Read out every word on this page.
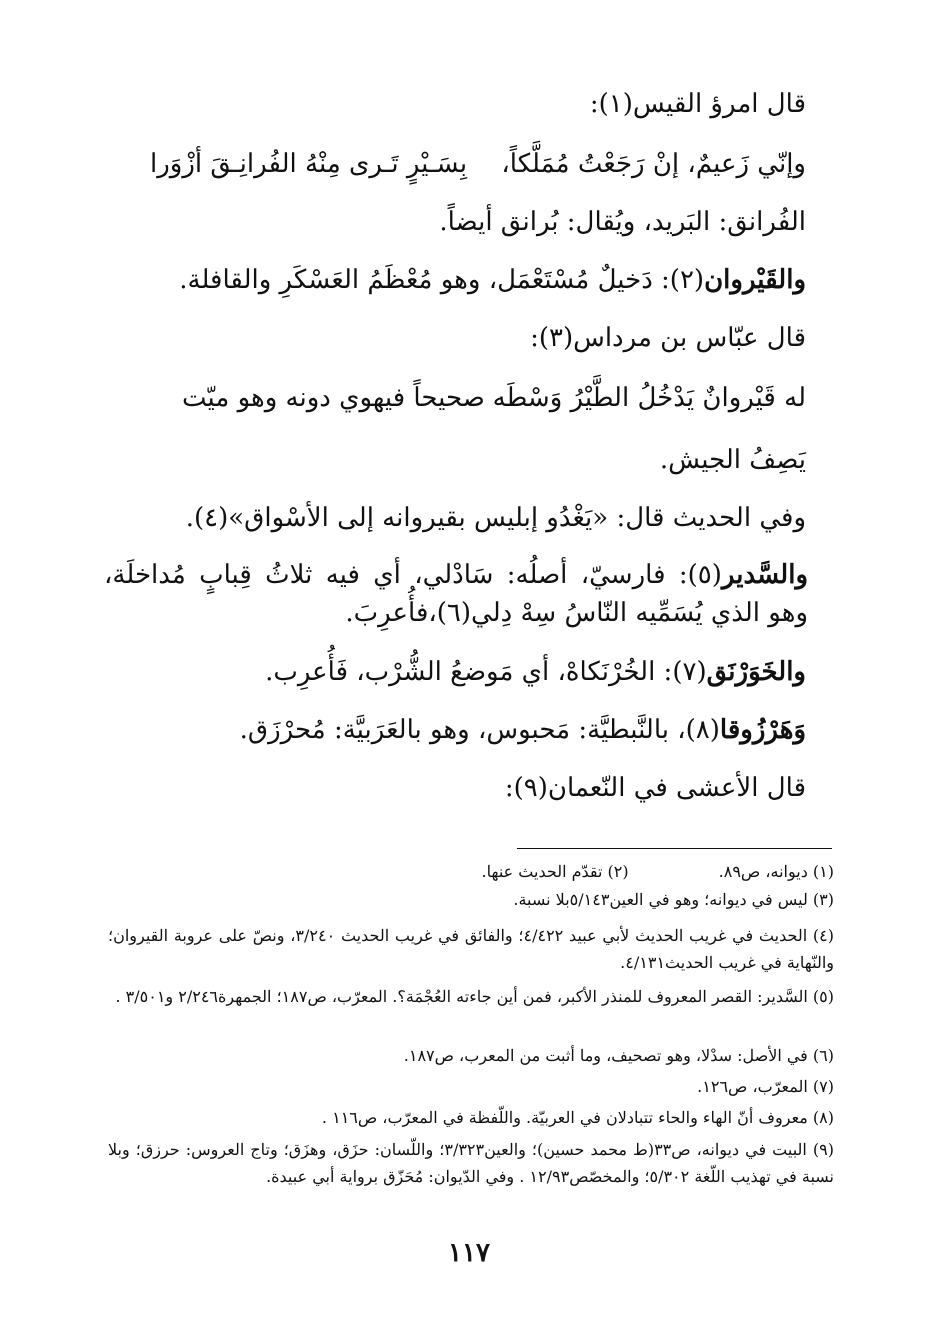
قال امرؤ القيس(١):
وإنّي زَعيمٌ، إنْ رَجَعْتُ مُمَلَّكاً،
بِسَـيْرٍ تَـرى مِنْهُ الفُرانِـقَ أزْوَرا
الفُرانق: البَريد، ويُقال: بُرانق أيضاً.
والقَيْروان(٢): دَخيلٌ مُسْتَعْمَل، وهو مُعْظَمُ العَسْكَرِ والقافلة.
قال عبّاس بن مرداس(٣):
له قَيْروانٌ يَدْخُلُ الطَّيْرُ وَسْطَه
صحيحاً فيهوي دونه وهو ميّت
يَصِفُ الجيش.
وفي الحديث قال: «يَغْدُو إبليس بقيروانه إلى الأسْواق»(٤).
والسَّدير(٥): فارسيّ، أصلُه: سَادْلي، أي فيه ثلاثُ قِبابٍ مُداخلَة، وهو الذي يُسَمِّيه النّاسُ سِهْ دِلي(٦)،فأُعرِبَ.
والخَوَرْنَق(٧): الخُرْنَكاهْ، أي مَوضعُ الشُّرْب، فَأُعرِب.
وَهَرْزُوقا(٨)، بالنَّبطيَّة: مَحبوس، وهو بالعَرَبيَّة: مُحرْزَق.
قال الأعشى في النّعمان(٩):
(١) ديوانه، ص٨٩.(٢) تقدّم الحديث عنها.
(٣) ليس في ديوانه؛ وهو في العين٥/١٤٣بلا نسبة.
(٤) الحديث في غريب الحديث لأبي عبيد ٤/٤٢٢؛ والفائق في غريب الحديث ٣/٢٤٠، ونصّ على عروبة القيروان؛ والنّهاية في غريب الحديث٤/١٣١.
(٥) السَّدير: القصر المعروف للمنذر الأكبر، فمن أين جاءته العُجْمَة؟. المعرّب، ص١٨٧؛ الجمهرة٢/٢٤٦ و٣/٥٠١ .
(٦) في الأصل: سدْلا، وهو تصحيف، وما أثبت من المعرب، ص١٨٧.
(٧) المعرّب، ص١٢٦.
(٨) معروف أنّ الهاء والحاء تتبادلان في العربيّة. واللّفظة في المعرّب، ص١١٦ .
(٩) البيت في ديوانه، ص٣٣(ط محمد حسين)؛ والعين٣/٣٢٣؛ واللّسان: حزَق، وهزَق؛ وتاج العروس: حرزق؛ وبلا نسبة في تهذيب اللّغة ٥/٣٠٢؛ والمخصّص١٢/٩٣ . وفي الدّيوان: مُحَزّق برواية أبي عبيدة.
١١٧
